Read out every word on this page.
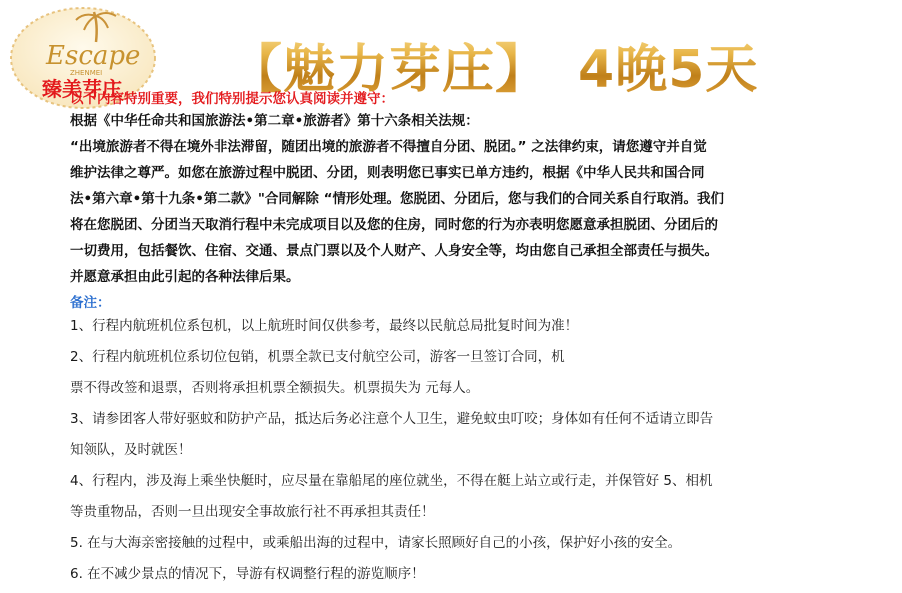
Escape
ZHENMEI
臻美芽庄 【魅力芽庄】 4晚5天
以下内容特别重要，我们特别提示您认真阅读并遵守：
根据《中华任命共和国旅游法•第二章•旅游者》第十六条相关法规：
“出境旅游者不得在境外非法滞留，随团出境的旅游者不得擅自分团、脱团。” 之法律约束，请您遵守并自觉
维护法律之尊严。如您在旅游过程中脱团、分团，则表明您已事实已单方违约，根据《中华人民共和国合同
法•第六章•第十九条•第二款》"合同解除 “情形处理。您脱团、分团后，您与我们的合同关系自行取消。我们
将在您脱团、分团当天取消行程中未完成项目以及您的住房，同时您的行为亦表明您愿意承担脱团、分团后的
一切费用，包括餐饮、住宿、交通、景点门票以及个人财产、人身安全等，均由您自己承担全部责任与损失。
并愿意承担由此引起的各种法律后果。
备注：
1、行程内航班机位系包机，以上航班时间仅供参考，最终以民航总局批复时间为准！
2、行程内航班机位系切位包销，机票全款已支付航空公司，游客一旦签订合同，机
票不得改签和退票，否则将承担机票全额损失。机票损失为 元每人。
3、请参团客人带好驱蚊和防护产品，抵达后务必注意个人卫生，避免蚊虫叮咬；身体如有任何不适请立即告
知领队，及时就医！
4、行程内，涉及海上乘坐快艇时，应尽量在靠船尾的座位就坐，不得在艇上站立或行走，并保管好 5、相机
等贵重物品，否则一旦出现安全事故旅行社不再承担其责任！
5. 在与大海亲密接触的过程中，或乘船出海的过程中，请家长照顾好自己的小孩，保护好小孩的安全。
6. 在不减少景点的情况下，导游有权调整行程的游览顺序！
